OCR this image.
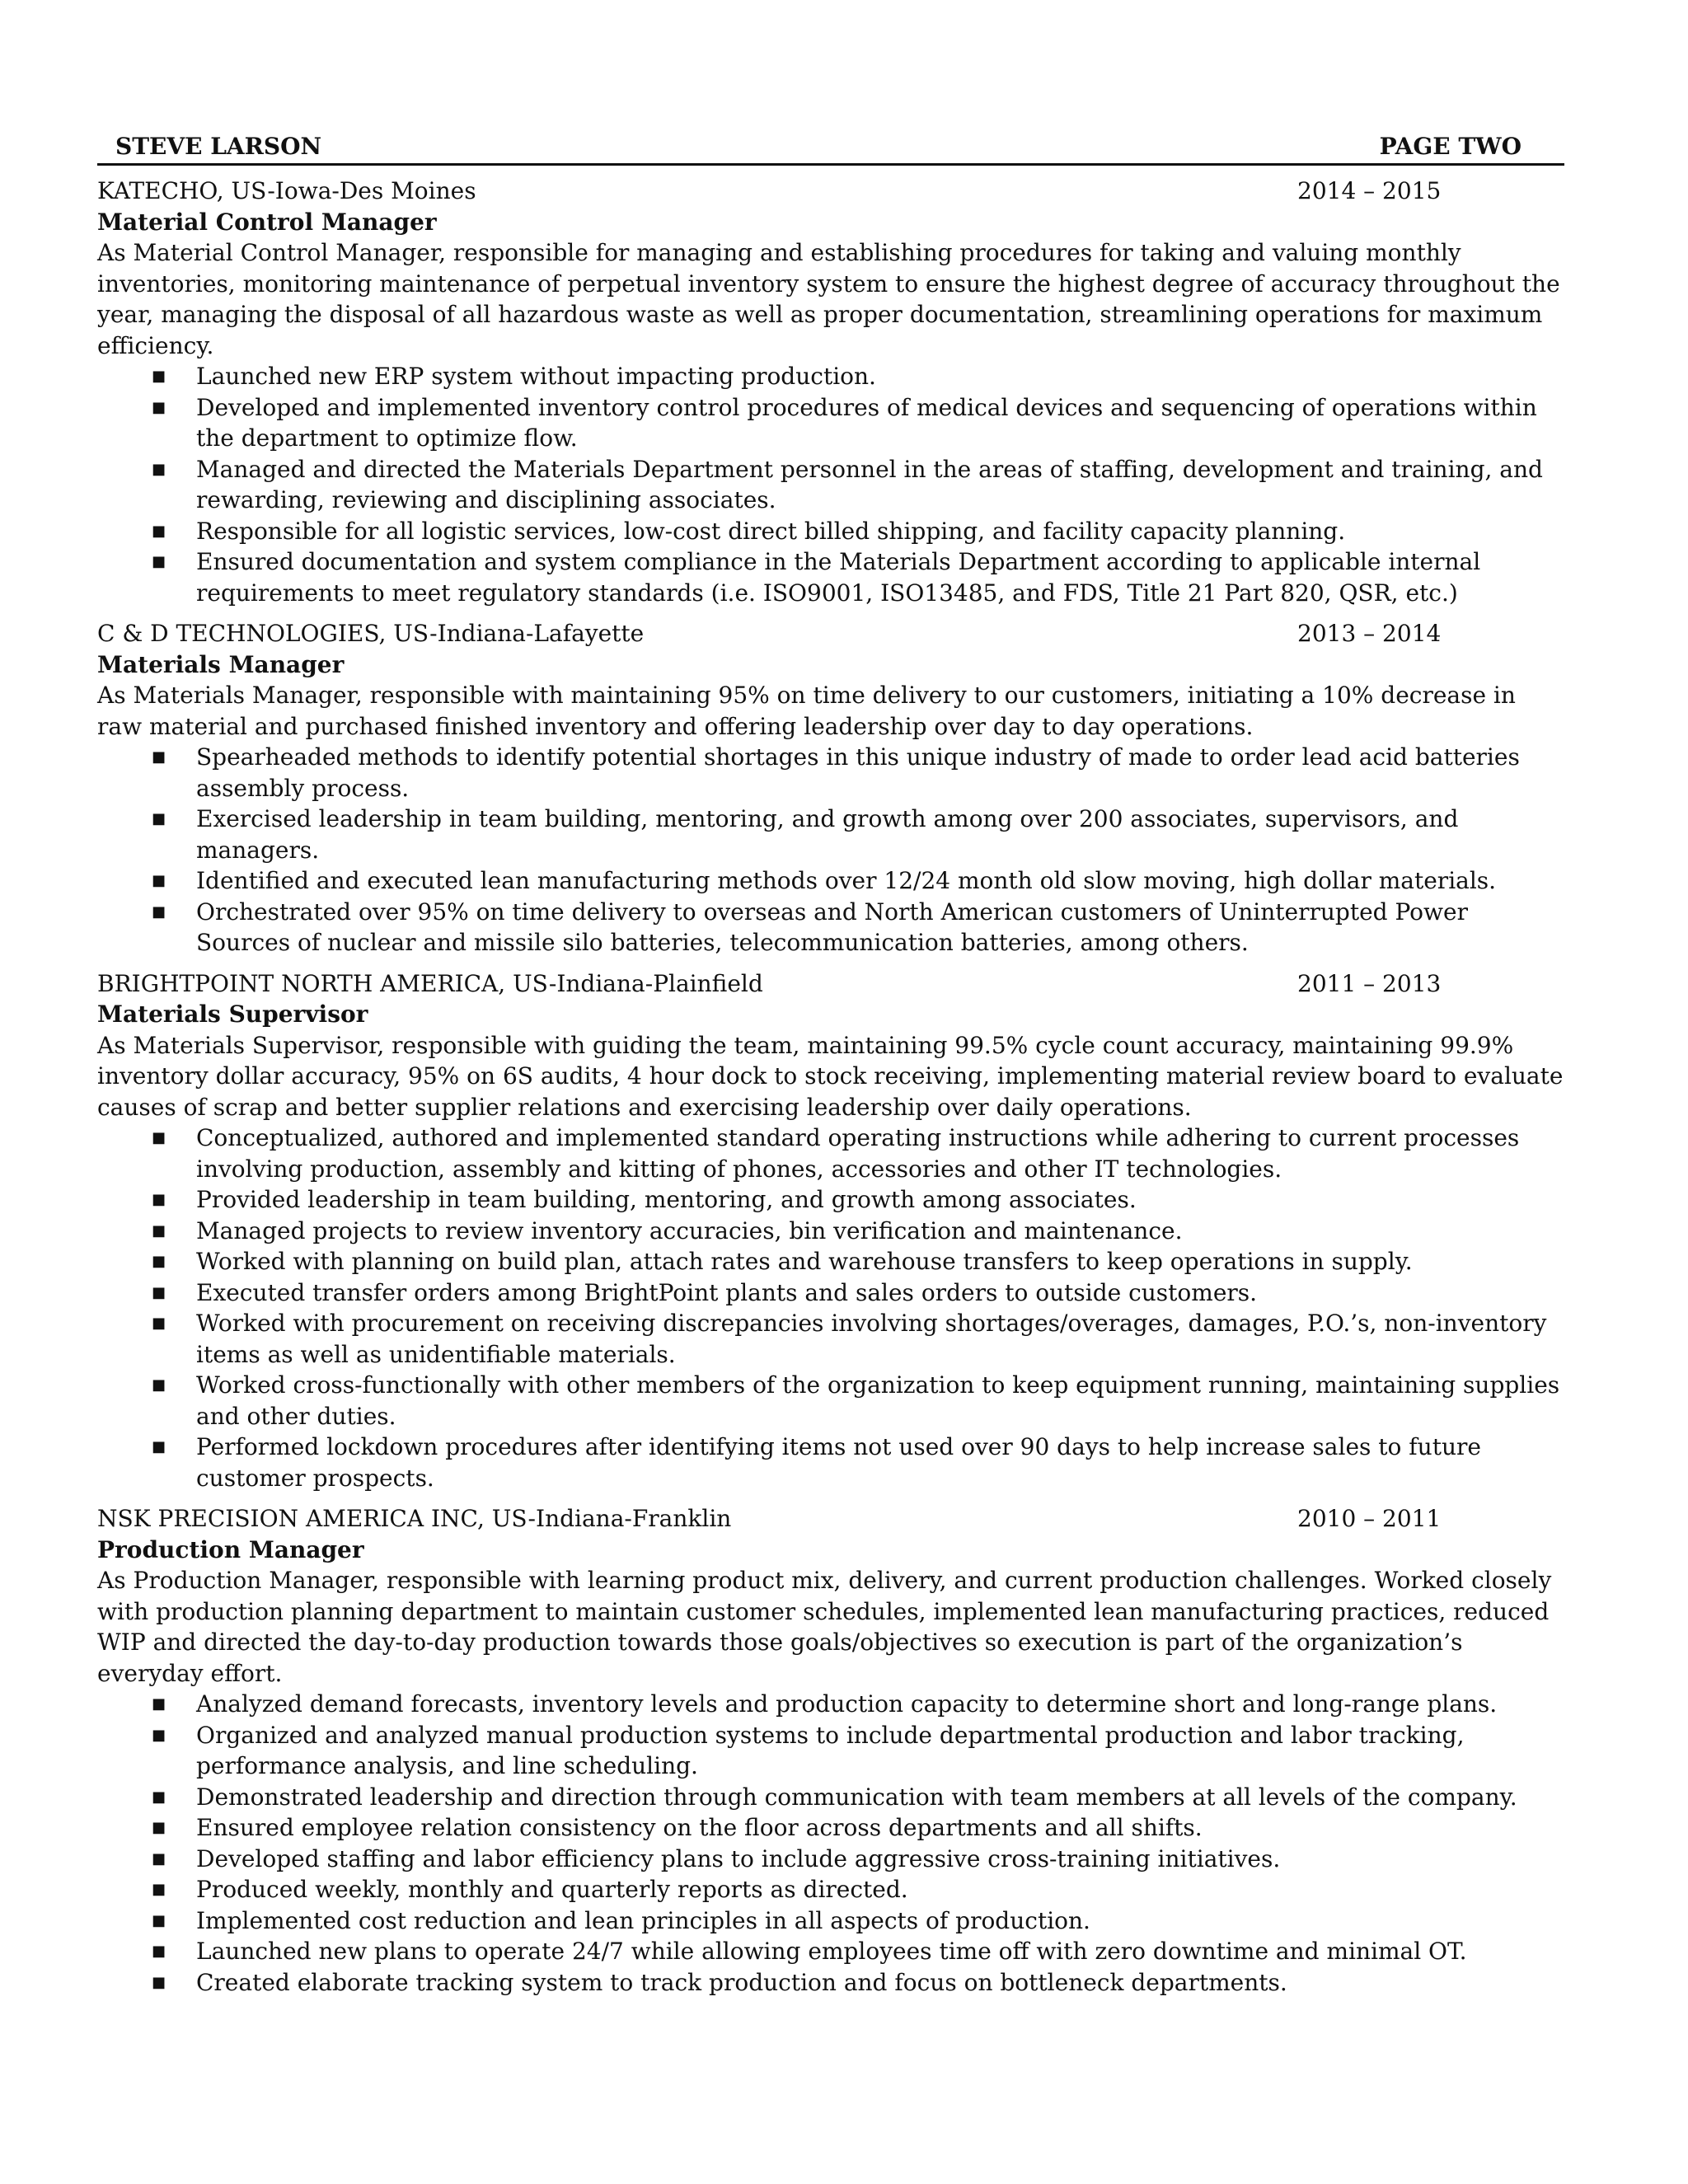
STEVE LARSON	PAGE TWO
KATECHO, US-Iowa-Des Moines	2014 – 2015
Material Control Manager

As Material Control Manager, responsible for managing and establishing procedures for taking and valuing monthly inventories, monitoring maintenance of perpetual inventory system to ensure the highest degree of accuracy throughout the year, managing the disposal of all hazardous waste as well as proper documentation, streamlining operations for maximum efficiency.

■ Launched new ERP system without impacting production.
■ Developed and implemented inventory control procedures of medical devices and sequencing of operations within the department to optimize flow.
■ Managed and directed the Materials Department personnel in the areas of staffing, development and training, and rewarding, reviewing and disciplining associates.
■ Responsible for all logistic services, low-cost direct billed shipping, and facility capacity planning.
■ Ensured documentation and system compliance in the Materials Department according to applicable internal requirements to meet regulatory standards (i.e. ISO9001, ISO13485, and FDS, Title 21 Part 820, QSR, etc.)
C & D TECHNOLOGIES, US-Indiana-Lafayette	2013 – 2014
Materials Manager

As Materials Manager, responsible with maintaining 95% on time delivery to our customers, initiating a 10% decrease in raw material and purchased finished inventory and offering leadership over day to day operations.

■ Spearheaded methods to identify potential shortages in this unique industry of made to order lead acid batteries assembly process.
■ Exercised leadership in team building, mentoring, and growth among over 200 associates, supervisors, and managers.
■ Identified and executed lean manufacturing methods over 12/24 month old slow moving, high dollar materials.
■ Orchestrated over 95% on time delivery to overseas and North American customers of Uninterrupted Power Sources of nuclear and missile silo batteries, telecommunication batteries, among others.
BRIGHTPOINT NORTH AMERICA, US-Indiana-Plainfield	2011 – 2013
Materials Supervisor

As Materials Supervisor, responsible with guiding the team, maintaining 99.5% cycle count accuracy, maintaining 99.9% inventory dollar accuracy, 95% on 6S audits, 4 hour dock to stock receiving, implementing material review board to evaluate causes of scrap and better supplier relations and exercising leadership over daily operations.

■ Conceptualized, authored and implemented standard operating instructions while adhering to current processes involving production, assembly and kitting of phones, accessories and other IT technologies.
■ Provided leadership in team building, mentoring, and growth among associates.
■ Managed projects to review inventory accuracies, bin verification and maintenance.
■ Worked with planning on build plan, attach rates and warehouse transfers to keep operations in supply.
■ Executed transfer orders among BrightPoint plants and sales orders to outside customers.
■ Worked with procurement on receiving discrepancies involving shortages/overages, damages, P.O.’s, non-inventory items as well as unidentifiable materials.
■ Worked cross-functionally with other members of the organization to keep equipment running, maintaining supplies and other duties.
■ Performed lockdown procedures after identifying items not used over 90 days to help increase sales to future customer prospects.
NSK PRECISION AMERICA INC, US-Indiana-Franklin	2010 – 2011
Production Manager

As Production Manager, responsible with learning product mix, delivery, and current production challenges. Worked closely with production planning department to maintain customer schedules, implemented lean manufacturing practices, reduced WIP and directed the day-to-day production towards those goals/objectives so execution is part of the organization’s everyday effort.

■ Analyzed demand forecasts, inventory levels and production capacity to determine short and long-range plans.
■ Organized and analyzed manual production systems to include departmental production and labor tracking, performance analysis, and line scheduling.
■ Demonstrated leadership and direction through communication with team members at all levels of the company.
■ Ensured employee relation consistency on the floor across departments and all shifts.
■ Developed staffing and labor efficiency plans to include aggressive cross-training initiatives.
■ Produced weekly, monthly and quarterly reports as directed.
■ Implemented cost reduction and lean principles in all aspects of production.
■ Launched new plans to operate 24/7 while allowing employees time off with zero downtime and minimal OT.
■ Created elaborate tracking system to track production and focus on bottleneck departments.
